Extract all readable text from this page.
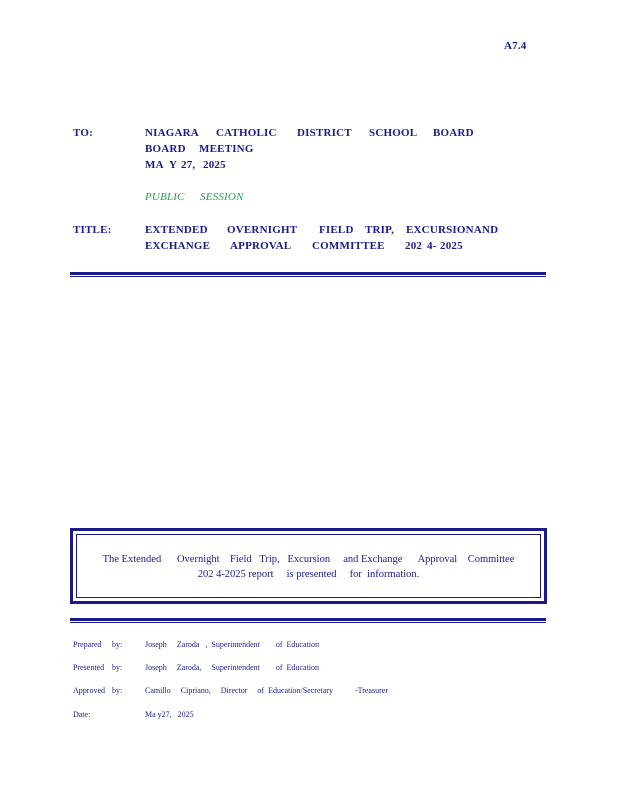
A7.4
TO:	NIAGARA CATHOLIC DISTRICT SCHOOL BOARD
BOARD MEETING
MA Y 27, 2025
PUBLIC SESSION
TITLE:	EXTENDED OVERNIGHT FIELD TRIP, EXCURSIONAND
EXCHANGE APPROVAL COMMITTEE 202 4- 2025
The Extended      Overnight    Field   Trip,   Excursion     and Exchange      Approval    Committee
202 4-2025 report     is presented     for  information.
Prepared by:	Joseph     Zaroda   ,  Superintendent        of  Education
Presented by:	Joseph     Zaroda,     Superintendent        of  Education
Approved by:	Camillo     Cipriano,     Director     of  Education/Secretary           -Treasurer
Date:	Ma y27,   2025
